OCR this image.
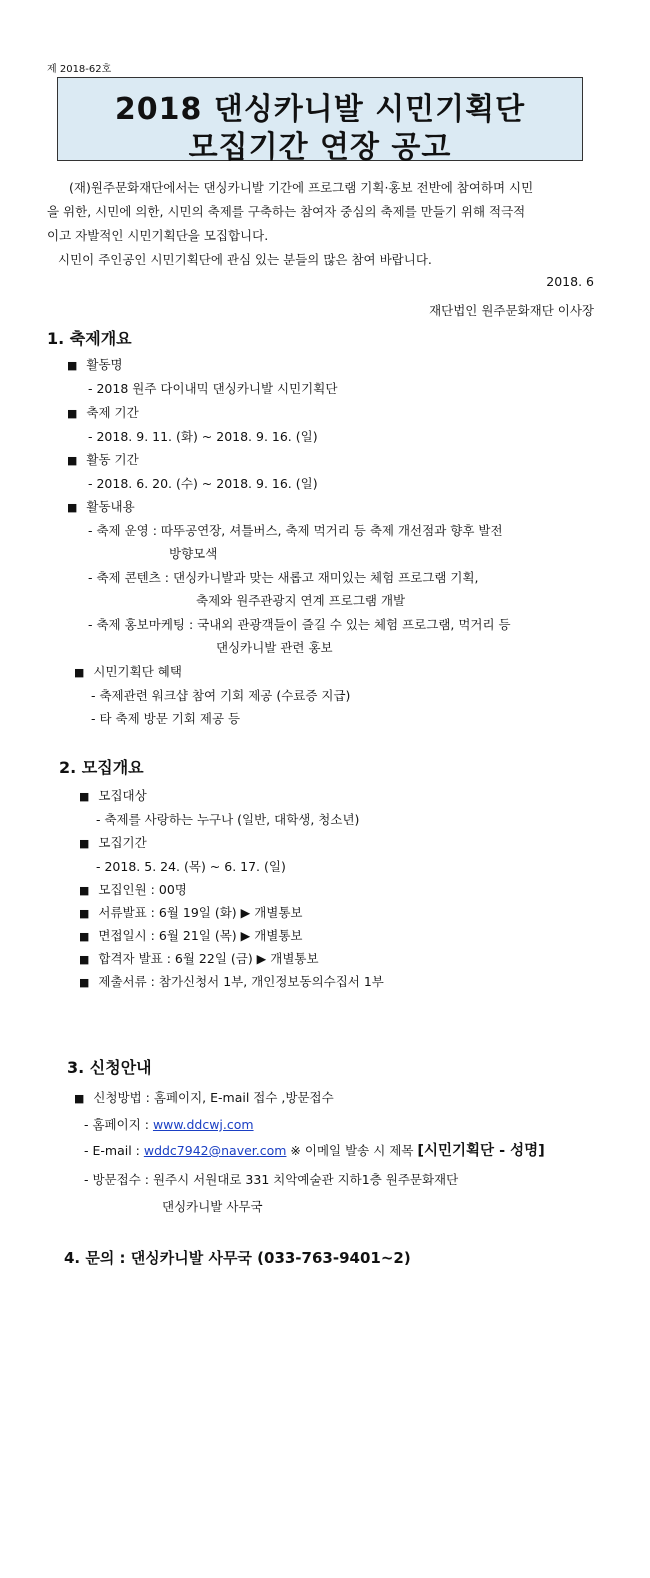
제 2018-62호
2018 댄싱카니발 시민기획단
모집기간 연장 공고
(재)원주문화재단에서는 댄싱카니발 기간에 프로그램 기획·홍보 전반에 참여하며 시민
을 위한, 시민에 의한, 시민의 축제를 구축하는 참여자 중심의 축제를 만들기 위해 적극적
이고 자발적인 시민기획단을 모집합니다.
시민이 주인공인 시민기획단에 관심 있는 분들의 많은 참여 바랍니다.
2018. 6
재단법인 원주문화재단 이사장
1. 축제개요
■ 활동명
- 2018 원주 다이내믹 댄싱카니발 시민기획단
■ 축제 기간
- 2018. 9. 11. (화) ~ 2018. 9. 16. (일)
■ 활동 기간
- 2018. 6. 20. (수) ~ 2018. 9. 16. (일)
■ 활동내용
- 축제 운영 : 따뚜공연장, 셔틀버스, 축제 먹거리 등 축제 개선점과 향후 발전
방향모색
- 축제 콘텐츠 : 댄싱카니발과 맞는 새롭고 재미있는 체험 프로그램 기획,
축제와 원주관광지 연계 프로그램 개발
- 축제 홍보마케팅 : 국내외 관광객들이 즐길 수 있는 체험 프로그램, 먹거리 등
댄싱카니발 관련 홍보
■ 시민기획단 혜택
- 축제관련 워크샵 참여 기회 제공 (수료증 지급)
- 타 축제 방문 기회 제공 등
2. 모집개요
■ 모집대상
- 축제를 사랑하는 누구나 (일반, 대학생, 청소년)
■ 모집기간
- 2018. 5. 24. (목) ~ 6. 17. (일)
■ 모집인원 : 00명
■ 서류발표 : 6월 19일 (화) ▶ 개별통보
■ 면접일시 : 6월 21일 (목) ▶ 개별통보
■ 합격자 발표 : 6월 22일 (금) ▶ 개별통보
■ 제출서류 : 참가신청서 1부, 개인정보동의수집서 1부
3. 신청안내
■ 신청방법 : 홈페이지, E-mail 접수 ,방문접수
- 홈페이지 : www.ddcwj.com
- E-mail : wddc7942@naver.com ※ 이메일 발송 시 제목 [시민기획단 - 성명]
- 방문접수 : 원주시 서원대로 331 치악예술관 지하1층 원주문화재단
댄싱카니발 사무국
4. 문의 : 댄싱카니발 사무국 (033-763-9401~2)
